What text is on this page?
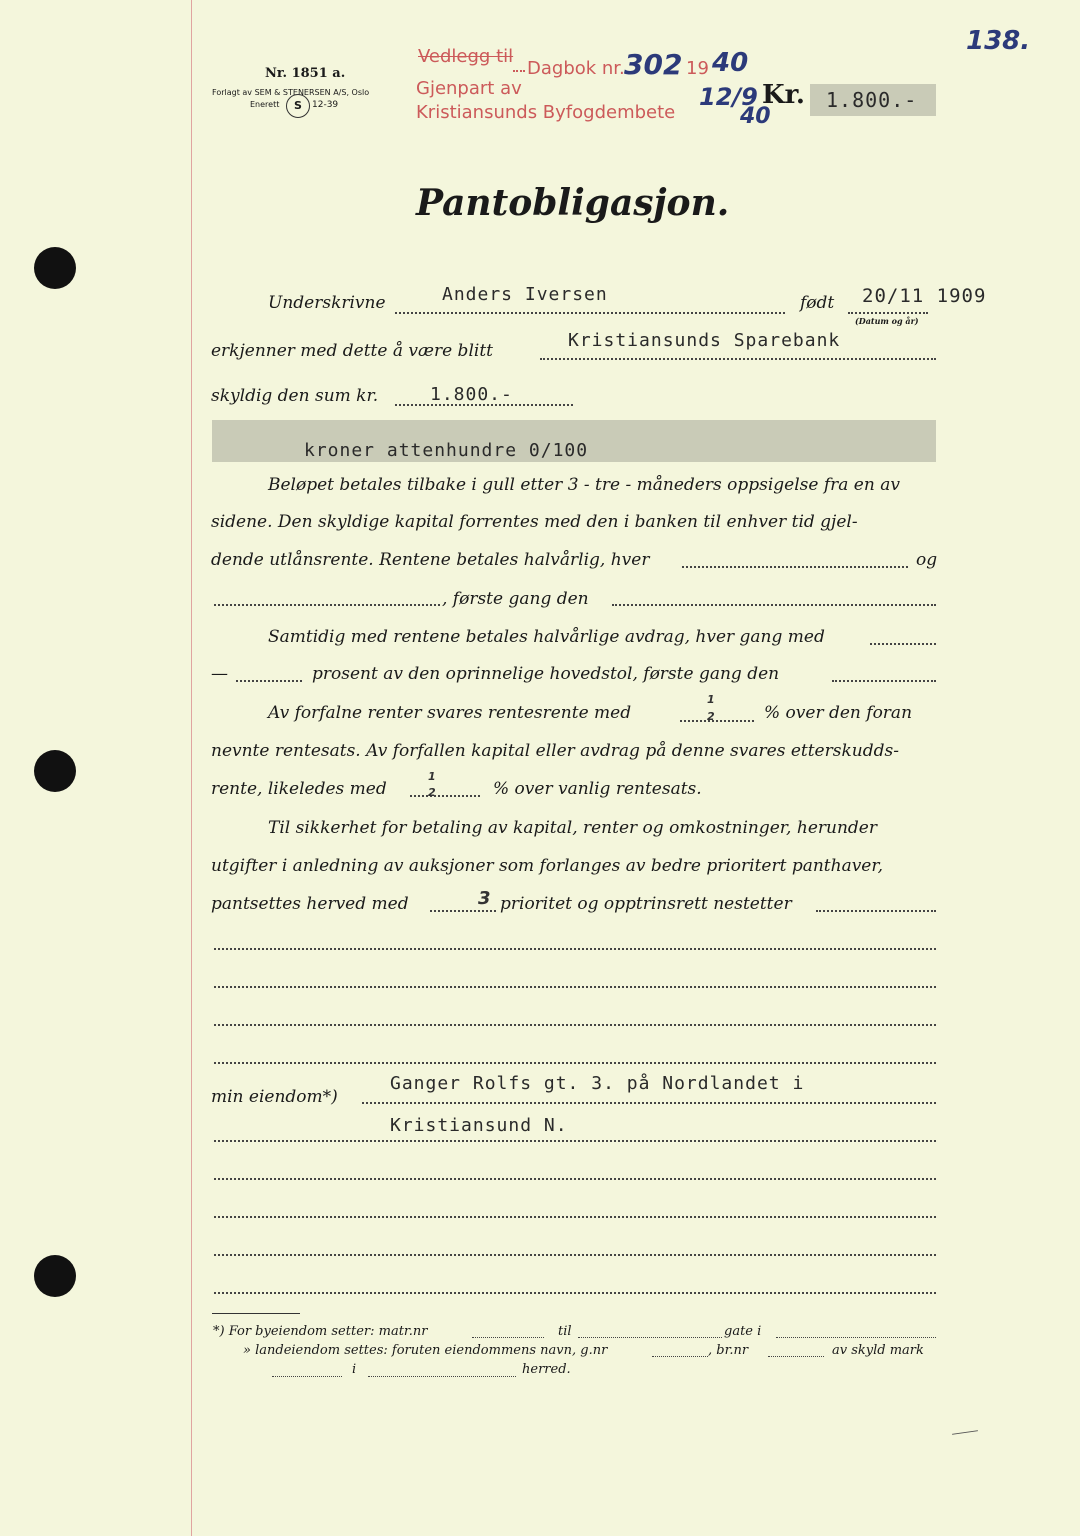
Nr. 1851 a.
Forlagt av SEM & STENERSEN A/S, Oslo
Enerett	S	12-39
Vedlegg til
Dagbok nr. 302 19 40
Gjenpart av
Kristiansunds Byfogdembete
12/9
40
Kr. 1.800.-
138.
Pantobligasjon.
Underskrivne	Anders Iversen	født 20/11 1909
(Datum og år)
erkjenner med dette å være blitt	Kristiansunds Sparebank
skyldig den sum kr.	1.800.-
kroner attenhundre 0/100
Beløpet betales tilbake i gull etter 3 - tre - måneders oppsigelse fra en av
sidene. Den skyldige kapital forrentes med den i banken til enhver tid gjel-
dende utlånsrente. Rentene betales halvårlig, hver	og
, første gang den
Samtidig med rentene betales halvårlige avdrag, hver gang med
—	prosent av den oprinnelige hovedstol, første gang den
Av forfalne renter svares rentesrente med
1
2	% over den foran
nevnte rentesats. Av forfallen kapital eller avdrag på denne svares etterskudds-
rente, likeledes med
1
2	% over vanlig rentesats.
Til sikkerhet for betaling av kapital, renter og omkostninger, herunder
utgifter i anledning av auksjoner som forlanges av bedre prioritert panthaver,
pantsettes herved med	3 prioritet og opptrinsrett nestetter
min eiendom*)
Ganger Rolfs gt. 3. på Nordlandet i
Kristiansund N.
*) For byeiendom setter: matr.nr	til	gate i
» landeiendom settes: foruten eiendommens navn, g.nr	, br.nr	av skyld mark
i	herred.
